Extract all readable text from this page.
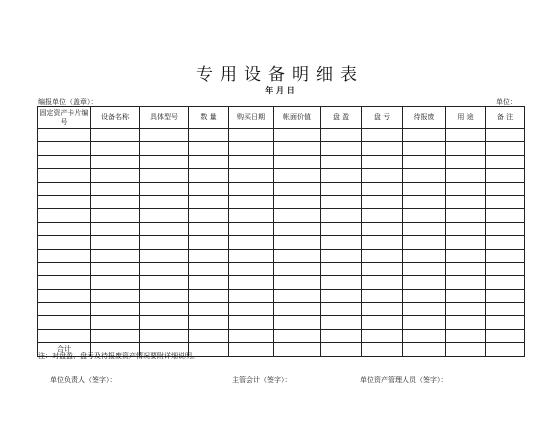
专用设备明细表
年 月 日
编报单位（盖章）：	单位：
固定资产卡片编号	设备名称	具体型号	数 量	购买日期	帐面价值	盘 盈	盘 亏	待报废	用 途	备 注

合计										
注：对盘盈、盘亏及待报废资产情况要附详细说明。
单位负责人（签字）：	主管会计（签字）：	单位资产管理人员（签字）：
